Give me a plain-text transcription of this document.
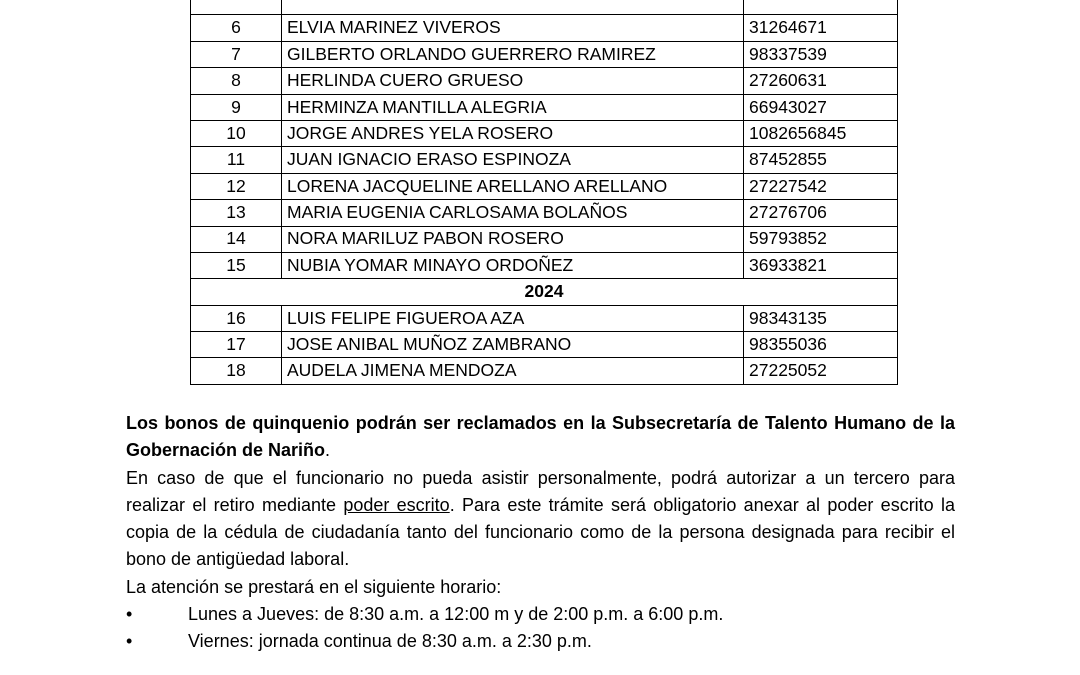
6	ELVIA MARINEZ VIVEROS	31264671
7	GILBERTO ORLANDO GUERRERO RAMIREZ	98337539
8	HERLINDA CUERO GRUESO	27260631
9	HERMINZA MANTILLA ALEGRIA	66943027
10	JORGE ANDRES YELA ROSERO	1082656845
11	JUAN IGNACIO ERASO ESPINOZA	87452855
12	LORENA JACQUELINE ARELLANO ARELLANO	27227542
13	MARIA EUGENIA CARLOSAMA BOLAÑOS	27276706
14	NORA MARILUZ PABON ROSERO	59793852
15	NUBIA YOMAR MINAYO ORDOÑEZ	36933821
2024		
16	LUIS FELIPE FIGUEROA AZA	98343135
17	JOSE ANIBAL MUÑOZ ZAMBRANO	98355036
18	AUDELA JIMENA MENDOZA	27225052

Los bonos de quinquenio podrán ser reclamados en la Subsecretaría de Talento Humano de la Gobernación de Nariño.

En caso de que el funcionario no pueda asistir personalmente, podrá autorizar a un tercero para realizar el retiro mediante poder escrito. Para este trámite será obligatorio anexar al poder escrito la copia de la cédula de ciudadanía tanto del funcionario como de la persona designada para recibir el bono de antigüedad laboral.

La atención se prestará en el siguiente horario:

•	Lunes a Jueves: de 8:30 a.m. a 12:00 m y de 2:00 p.m. a 6:00 p.m.
•	Viernes: jornada continua de 8:30 a.m. a 2:30 p.m.
